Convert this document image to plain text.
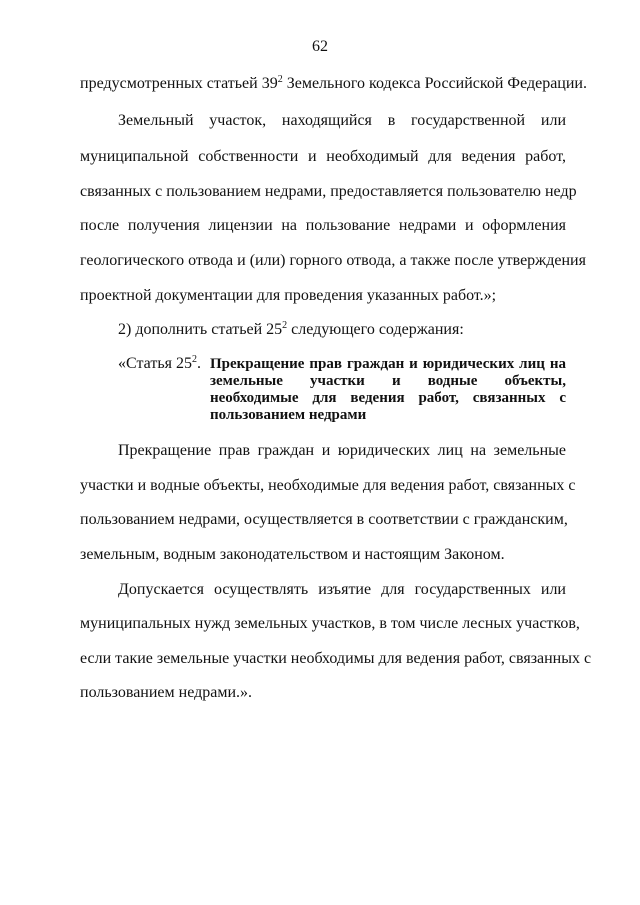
62
предусмотренных статьей $39^2$ Земельного кодекса Российской Федерации.
Земельный участок, находящийся в государственной или
муниципальной собственности и необходимый для ведения работ,
связанных с пользованием недрами, предоставляется пользователю недр
после получения лицензии на пользование недрами и оформления
геологического отвода и (или) горного отвода, а также после утверждения
проектной документации для проведения указанных работ.»;
2) дополнить статьей $25^2$ следующего содержания:
«Статья $25^2$. Прекращение прав граждан и юридических лиц на
земельные участки и водные объекты,
необходимые для ведения работ, связанных с
пользованием недрами
Прекращение прав граждан и юридических лиц на земельные
участки и водные объекты, необходимые для ведения работ, связанных с
пользованием недрами, осуществляется в соответствии с гражданским,
земельным, водным законодательством и настоящим Законом.
Допускается осуществлять изъятие для государственных или
муниципальных нужд земельных участков, в том числе лесных участков,
если такие земельные участки необходимы для ведения работ, связанных с
пользованием недрами.».
